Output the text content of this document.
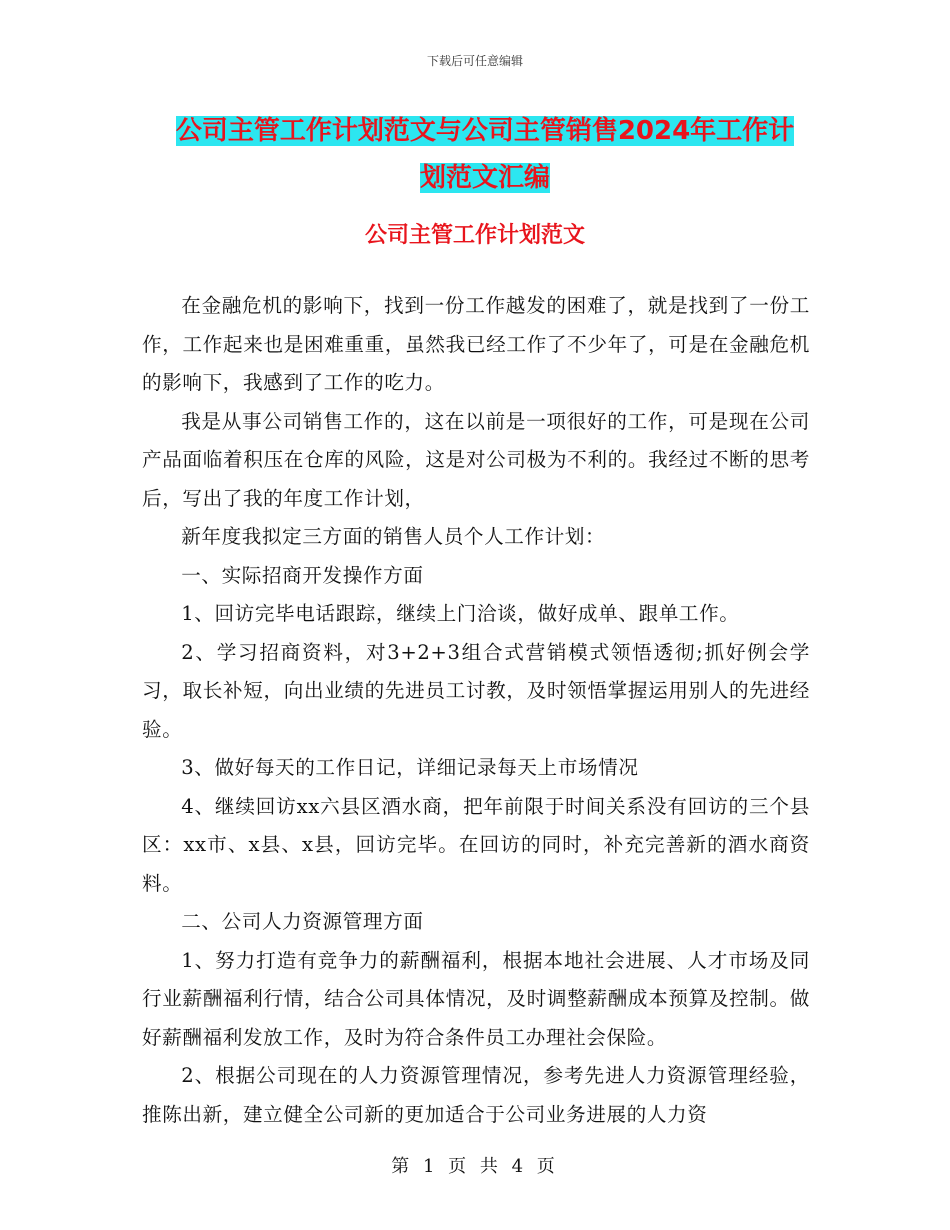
下载后可任意编辑
公司主管工作计划范文与公司主管销售2024年工作计
划范文汇编
公司主管工作计划范文

在金融危机的影响下，找到一份工作越发的困难了，就是找到了一份工作，工作起来也是困难重重，虽然我已经工作了不少年了，可是在金融危机的影响下，我感到了工作的吃力。

我是从事公司销售工作的，这在以前是一项很好的工作，可是现在公司产品面临着积压在仓库的风险，这是对公司极为不利的。我经过不断的思考后，写出了我的年度工作计划，

新年度我拟定三方面的销售人员个人工作计划：

一、实际招商开发操作方面

1、回访完毕电话跟踪，继续上门洽谈，做好成单、跟单工作。

2、学习招商资料，对3+2+3组合式营销模式领悟透彻;抓好例会学习，取长补短，向出业绩的先进员工讨教，及时领悟掌握运用别人的先进经验。

3、做好每天的工作日记，详细记录每天上市场情况

4、继续回访xx六县区酒水商，把年前限于时间关系没有回访的三个县区：xx市、x县、x县，回访完毕。在回访的同时，补充完善新的酒水商资料。

二、公司人力资源管理方面

1、努力打造有竞争力的薪酬福利，根据本地社会进展、人才市场及同行业薪酬福利行情，结合公司具体情况，及时调整薪酬成本预算及控制。做好薪酬福利发放工作，及时为符合条件员工办理社会保险。

2、根据公司现在的人力资源管理情况，参考先进人力资源管理经验，推陈出新，建立健全公司新的更加适合于公司业务进展的人力资

第 1 页 共 4 页
